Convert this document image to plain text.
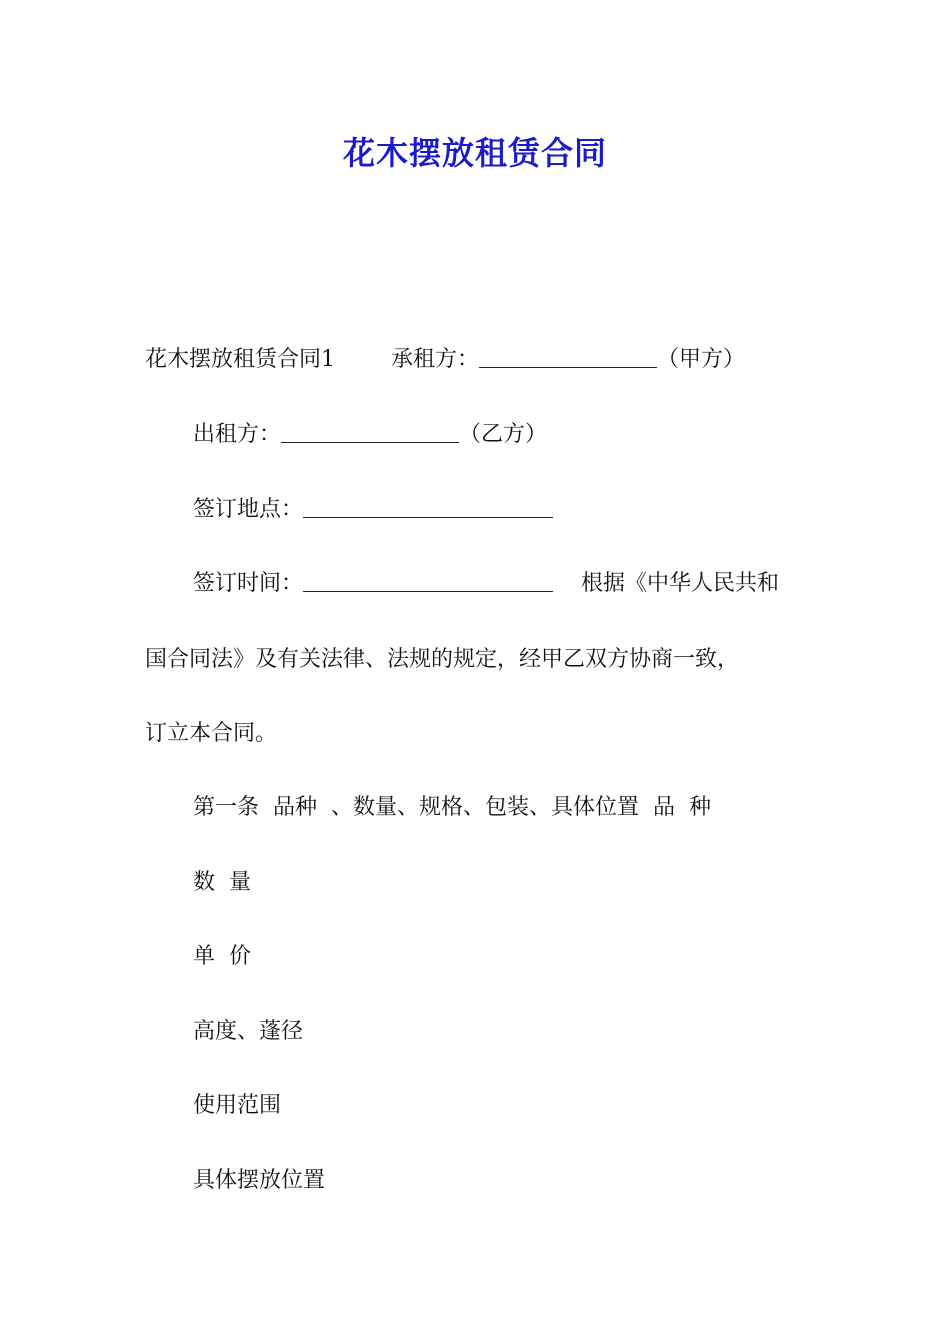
花木摆放租赁合同
花木摆放租赁合同1	承租方：	（甲方）
出租方：	（乙方）
签订地点：
签订时间：	根据《中华人民共和
国合同法》及有关法律、法规的规定，经甲乙双方协商一致，
订立本合同。
第一条  品种  、数量、规格、包装、具体位置  品  种
数  量
单  价
高度、蓬径
使用范围
具体摆放位置
